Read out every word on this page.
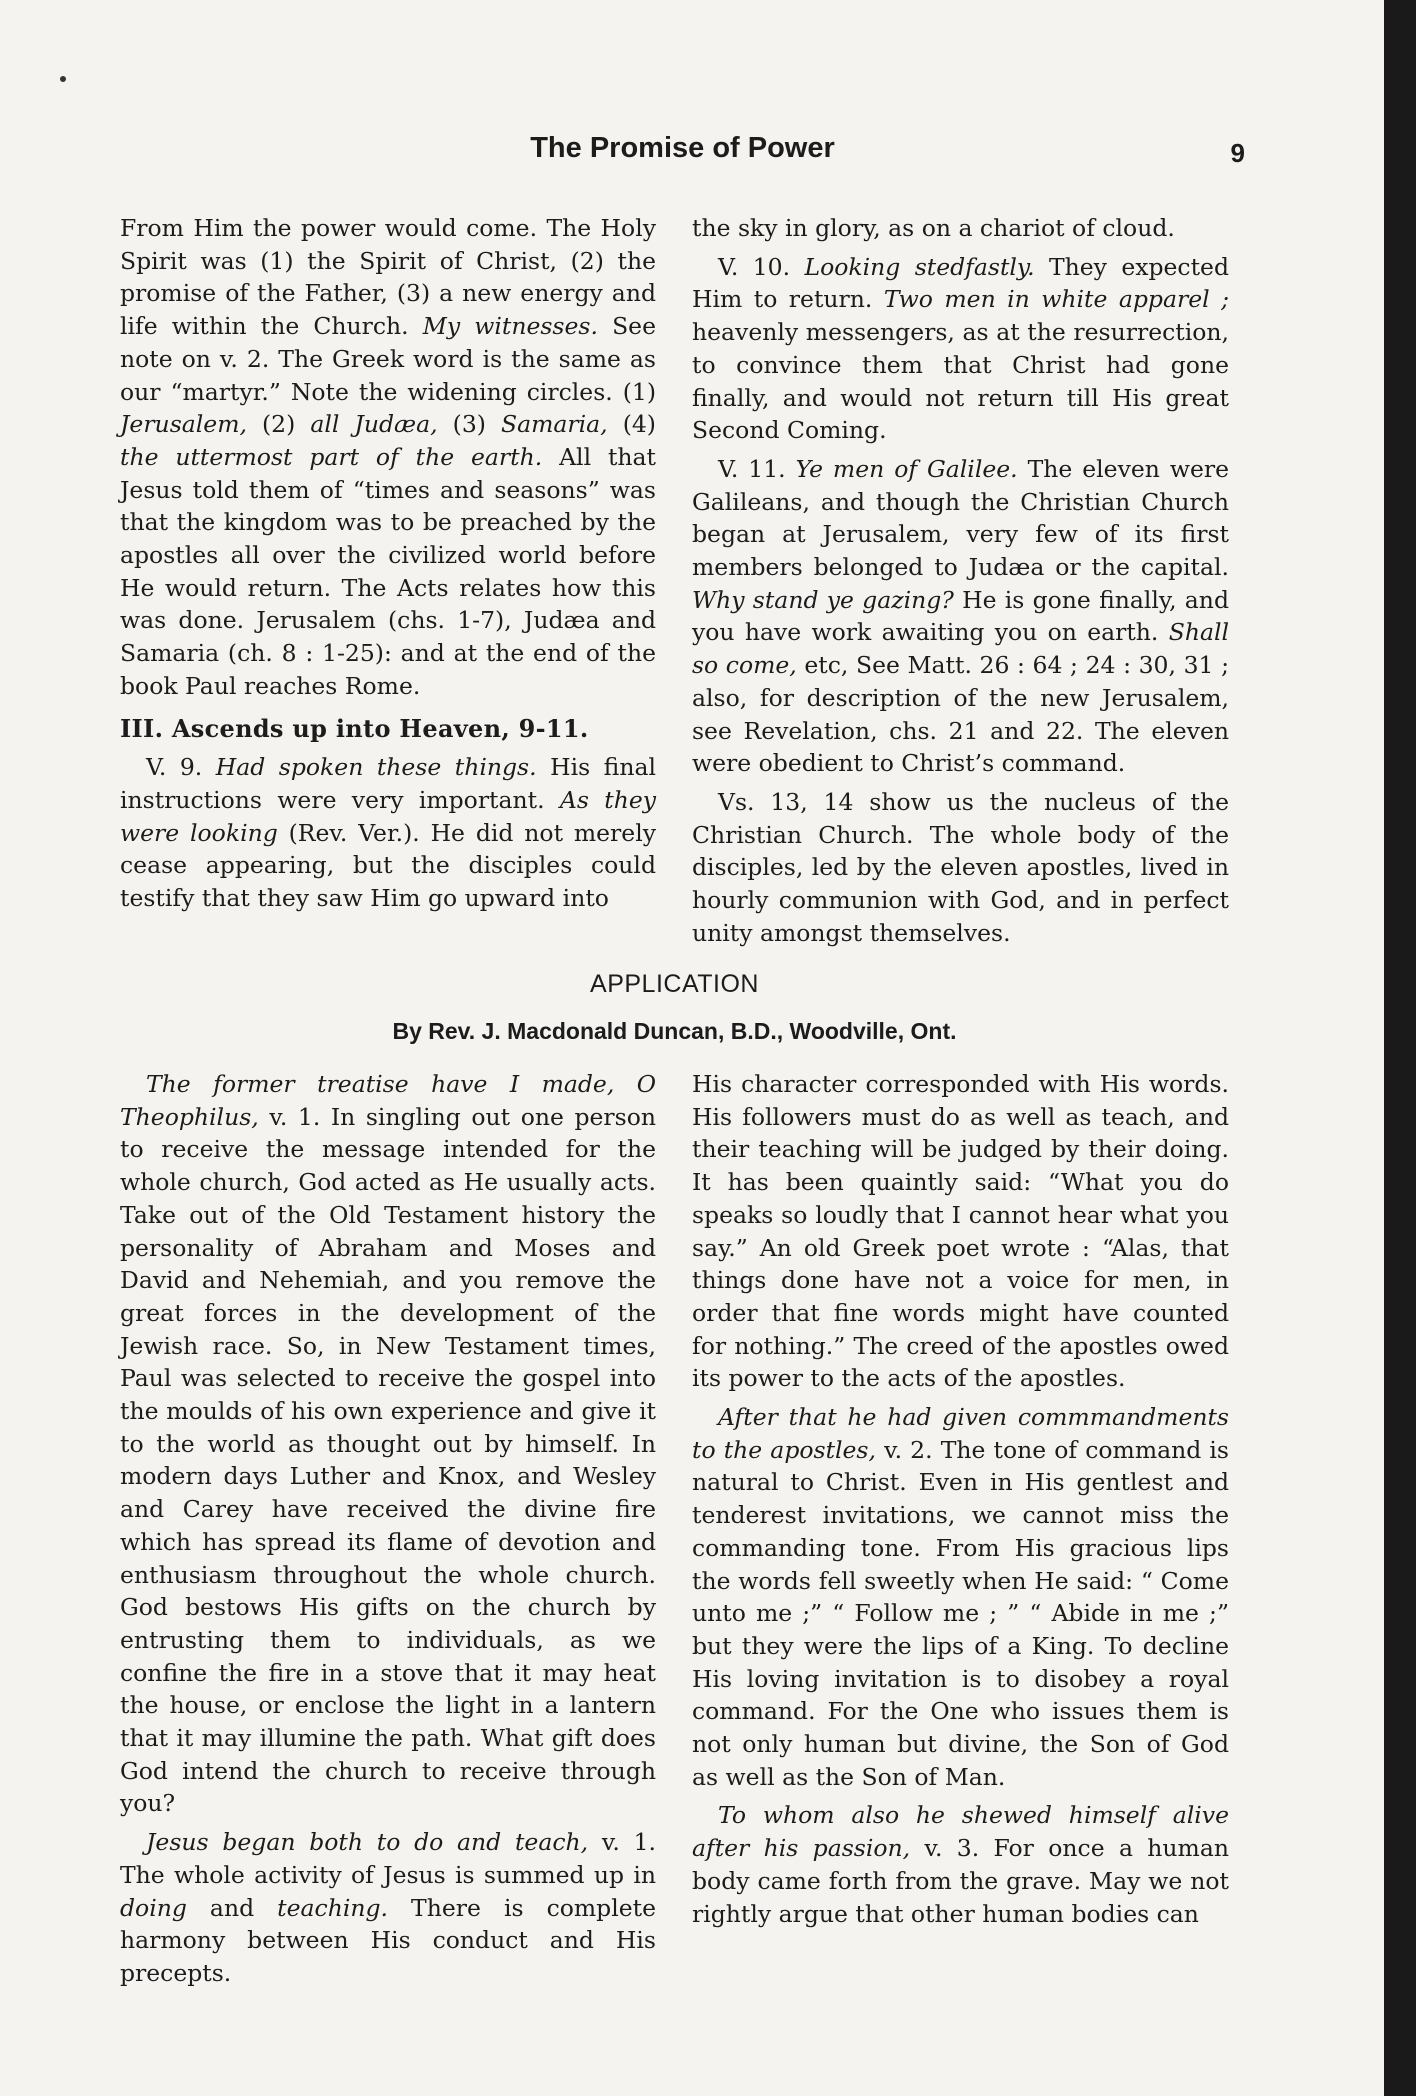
The Promise of Power	9

From Him the power would come. The Holy Spirit was (1) the Spirit of Christ, (2) the promise of the Father, (3) a new energy and life within the Church. My witnesses. See note on v. 2. The Greek word is the same as our “martyr.” Note the widening circles. (1) Jerusalem, (2) all Judæa, (3) Samaria, (4) the uttermost part of the earth. All that Jesus told them of “times and seasons” was that the kingdom was to be preached by the apostles all over the civilized world before He would return. The Acts relates how this was done. Jerusalem (chs. 1-7), Judæa and Samaria (ch. 8 : 1-25): and at the end of the book Paul reaches Rome.

III. Ascends up into Heaven, 9-11.

V. 9. Had spoken these things. His final instructions were very important. As they were looking (Rev. Ver.). He did not merely cease appearing, but the disciples could testify that they saw Him go upward into

the sky in glory, as on a chariot of cloud.

V. 10. Looking stedfastly. They expected Him to return. Two men in white apparel ; heavenly messengers, as at the resurrection, to convince them that Christ had gone finally, and would not return till His great Second Coming.

V. 11. Ye men of Galilee. The eleven were Galileans, and though the Christian Church began at Jerusalem, very few of its first members belonged to Judæa or the capital. Why stand ye gazing? He is gone finally, and you have work awaiting you on earth. Shall so come, etc, See Matt. 26 : 64 ; 24 : 30, 31 ; also, for description of the new Jerusalem, see Revelation, chs. 21 and 22. The eleven were obedient to Christ’s command.

Vs. 13, 14 show us the nucleus of the Christian Church. The whole body of the disciples, led by the eleven apostles, lived in hourly communion with God, and in perfect unity amongst themselves.

APPLICATION
By Rev. J. Macdonald Duncan, B.D., Woodville, Ont.

The former treatise have I made, O Theophilus, v. 1. In singling out one person to receive the message intended for the whole church, God acted as He usually acts. Take out of the Old Testament history the personality of Abraham and Moses and David and Nehemiah, and you remove the great forces in the development of the Jewish race. So, in New Testament times, Paul was selected to receive the gospel into the moulds of his own experience and give it to the world as thought out by himself. In modern days Luther and Knox, and Wesley and Carey have received the divine fire which has spread its flame of devotion and enthusiasm throughout the whole church. God bestows His gifts on the church by entrusting them to individuals, as we confine the fire in a stove that it may heat the house, or enclose the light in a lantern that it may illumine the path. What gift does God intend the church to receive through you?

Jesus began both to do and teach, v. 1. The whole activity of Jesus is summed up in doing and teaching. There is complete harmony between His conduct and His precepts.

His character corresponded with His words. His followers must do as well as teach, and their teaching will be judged by their doing. It has been quaintly said: “What you do speaks so loudly that I cannot hear what you say.” An old Greek poet wrote : “Alas, that things done have not a voice for men, in order that fine words might have counted for nothing.” The creed of the apostles owed its power to the acts of the apostles.

After that he had given commmandments to the apostles, v. 2. The tone of command is natural to Christ. Even in His gentlest and tenderest invitations, we cannot miss the commanding tone. From His gracious lips the words fell sweetly when He said: “ Come unto me ;” “ Follow me ; ” “ Abide in me ;” but they were the lips of a King. To decline His loving invitation is to disobey a royal command. For the One who issues them is not only human but divine, the Son of God as well as the Son of Man.

To whom also he shewed himself alive after his passion, v. 3. For once a human body came forth from the grave. May we not rightly argue that other human bodies can
